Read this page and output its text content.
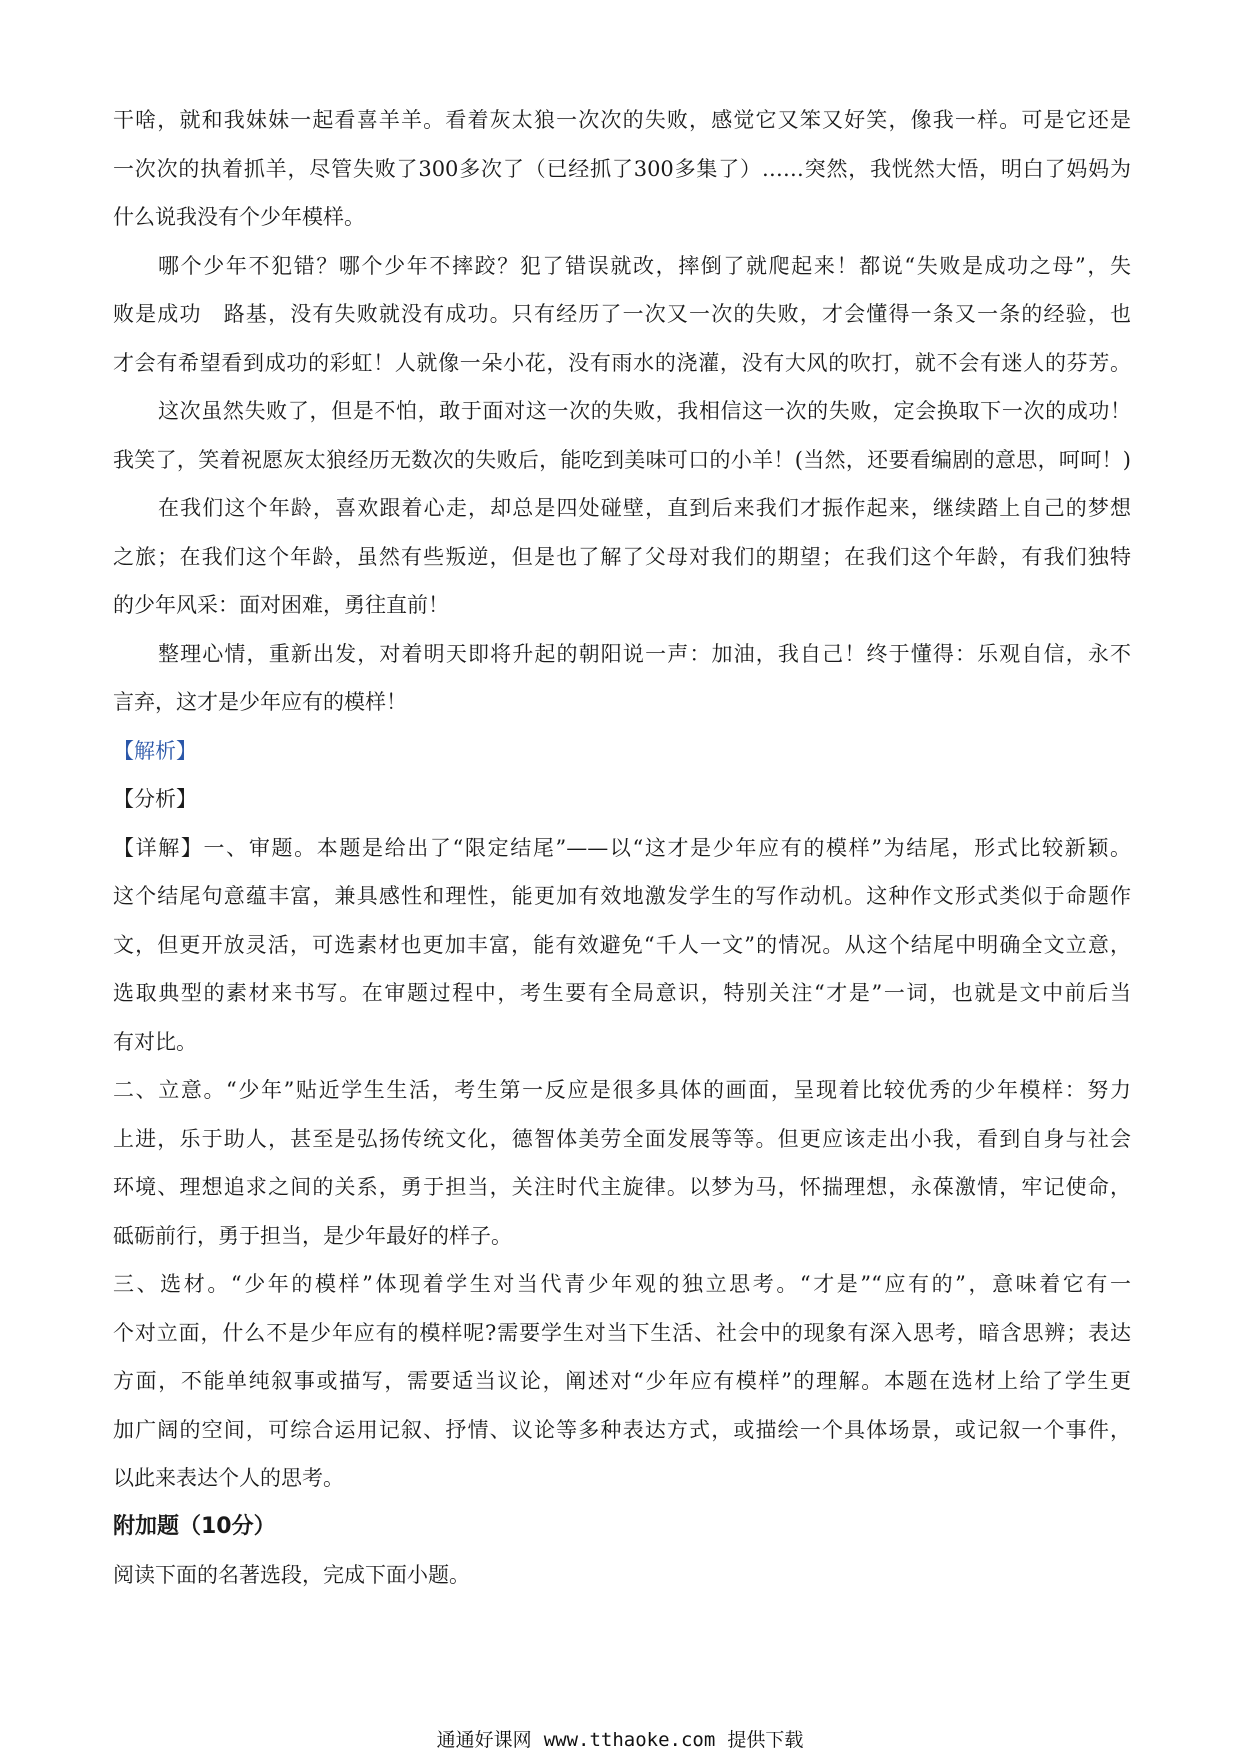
干啥，就和我妹妹一起看喜羊羊。看着灰太狼一次次的失败，感觉它又笨又好笑，像我一样。可是它还是
一次次的执着抓羊，尽管失败了300多次了（已经抓了300多集了）……突然，我恍然大悟，明白了妈妈为
什么说我没有个少年模样。
哪个少年不犯错？哪个少年不摔跤？犯了错误就改，摔倒了就爬起来！都说“失败是成功之母”，失
败是成功　路基，没有失败就没有成功。只有经历了一次又一次的失败，才会懂得一条又一条的经验，也
才会有希望看到成功的彩虹！人就像一朵小花，没有雨水的浇灌，没有大风的吹打，就不会有迷人的芬芳。
这次虽然失败了，但是不怕，敢于面对这一次的失败，我相信这一次的失败，定会换取下一次的成功！
我笑了，笑着祝愿灰太狼经历无数次的失败后，能吃到美味可口的小羊！(当然，还要看编剧的意思，呵呵！)
在我们这个年龄，喜欢跟着心走，却总是四处碰壁，直到后来我们才振作起来，继续踏上自己的梦想
之旅；在我们这个年龄，虽然有些叛逆，但是也了解了父母对我们的期望；在我们这个年龄，有我们独特
的少年风采：面对困难，勇往直前！
整理心情，重新出发，对着明天即将升起的朝阳说一声：加油，我自己！终于懂得：乐观自信，永不
言弃，这才是少年应有的模样！
【解析】
【分析】
【详解】一、审题。本题是给出了“限定结尾”——以“这才是少年应有的模样”为结尾，形式比较新颖。
这个结尾句意蕴丰富，兼具感性和理性，能更加有效地激发学生的写作动机。这种作文形式类似于命题作
文，但更开放灵活，可选素材也更加丰富，能有效避免“千人一文”的情况。从这个结尾中明确全文立意，
选取典型的素材来书写。在审题过程中，考生要有全局意识，特别关注“才是”一词，也就是文中前后当
有对比。
二、立意。“少年”贴近学生生活，考生第一反应是很多具体的画面，呈现着比较优秀的少年模样：努力
上进，乐于助人，甚至是弘扬传统文化，德智体美劳全面发展等等。但更应该走出小我，看到自身与社会
环境、理想追求之间的关系，勇于担当，关注时代主旋律。以梦为马，怀揣理想，永葆激情，牢记使命，
砥砺前行，勇于担当，是少年最好的样子。
三、选材。“少年的模样”体现着学生对当代青少年观的独立思考。“才是”“应有的”，意味着它有一
个对立面，什么不是少年应有的模样呢?需要学生对当下生活、社会中的现象有深入思考，暗含思辨；表达
方面，不能单纯叙事或描写，需要适当议论，阐述对“少年应有模样”的理解。本题在选材上给了学生更
加广阔的空间，可综合运用记叙、抒情、议论等多种表达方式，或描绘一个具体场景，或记叙一个事件，
以此来表达个人的思考。
附加题（10分）
阅读下面的名著选段，完成下面小题。
通通好课网 www.tthaoke.com 提供下载
